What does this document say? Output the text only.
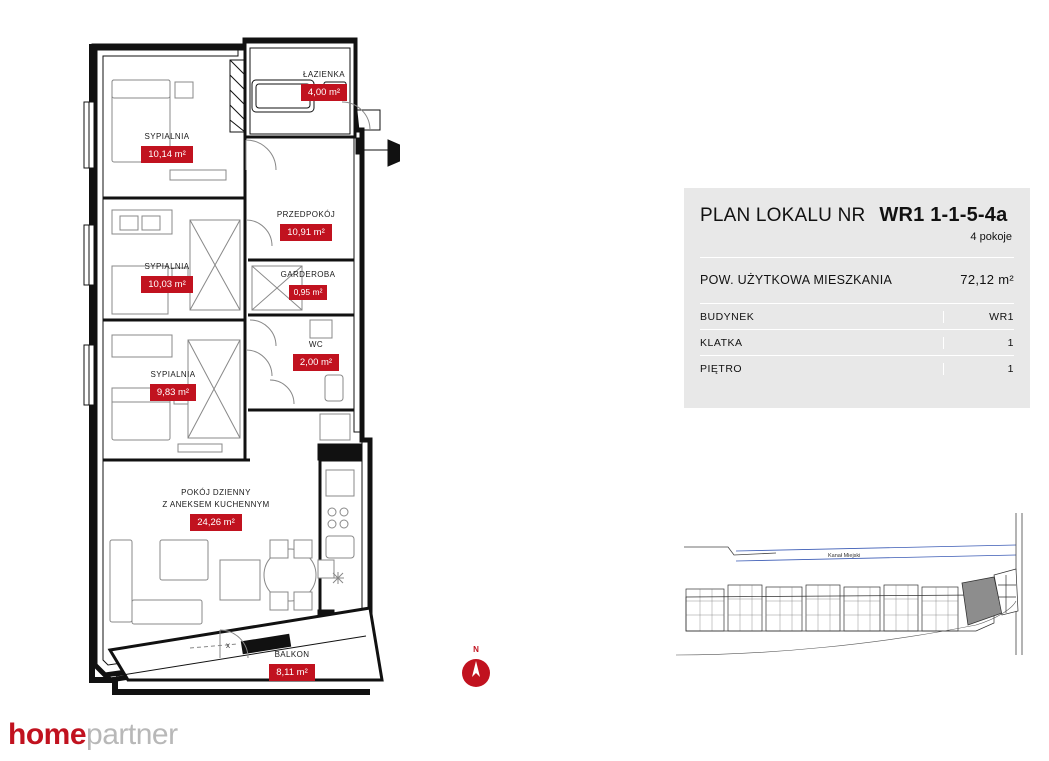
x
ŁAZIENKA
4,00 m²
SYPIALNIA
10,14 m²
SYPIALNIA
10,03 m²
PRZEDPOKÓJ
10,91 m²
GARDEROBA
0,95 m²
WC
2,00 m²
SYPIALNIA
9,83 m²
POKÓJ DZIENNY
Z ANEKSEM KUCHENNYM
24,26 m²
BALKON
8,11 m²
N
PLAN LOKALU NR WR1 1-1-5-4a
4 pokoje
POW. UŻYTKOWA MIESZKANIA	72,12 m²
BUDYNEK	WR1
KLATKA	1
PIĘTRO	1
Kanał Miejski
homepartner
